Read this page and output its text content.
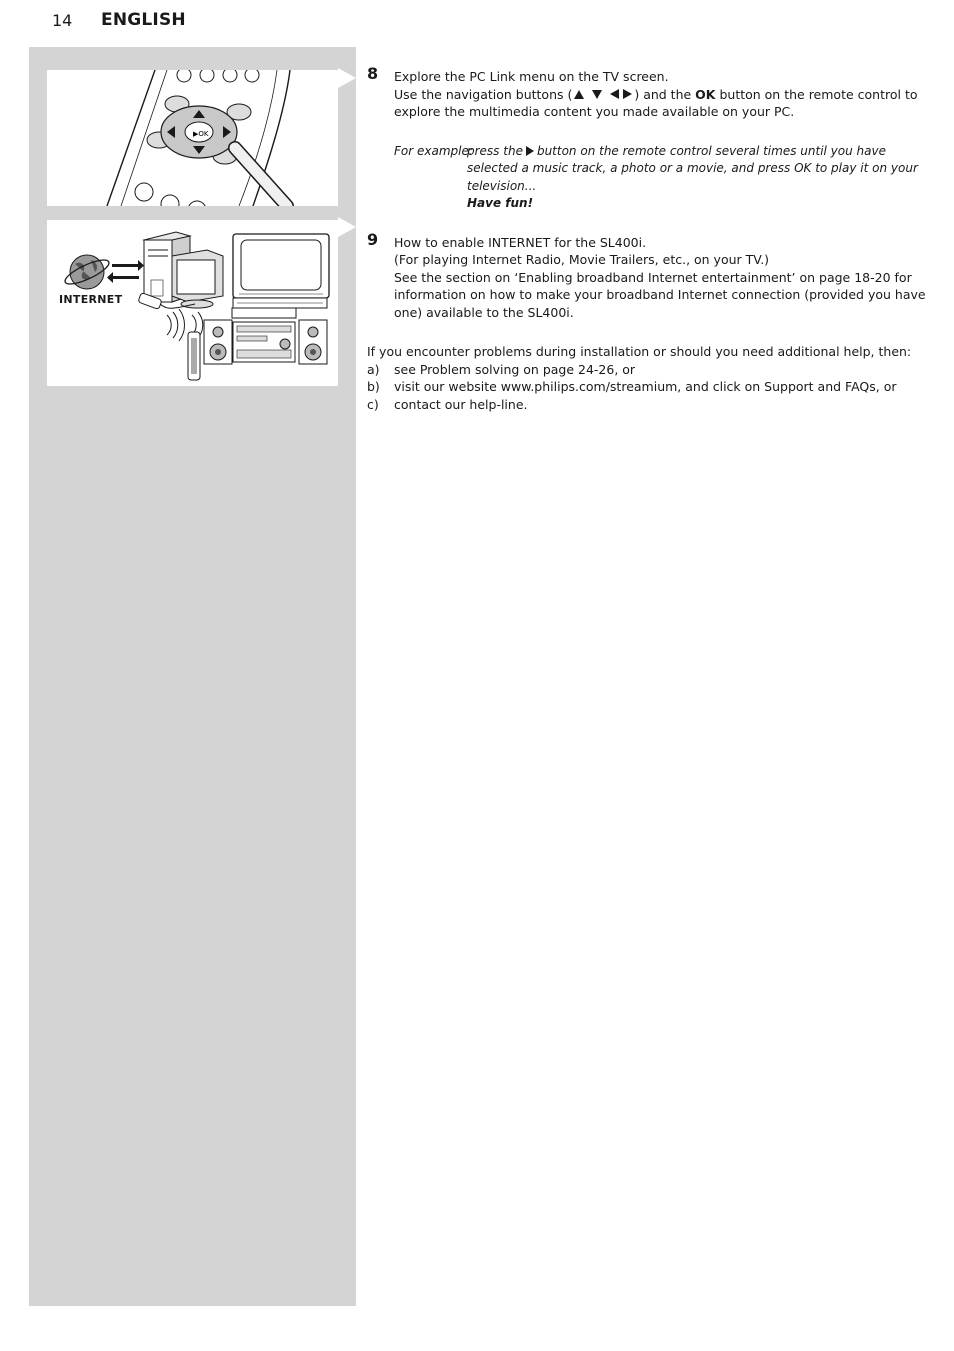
14 ENGLISH
▶OK
INTERNET
8 Explore the PC Link menu on the TV screen.

Use the navigation buttons (	) and the OK button on the remote control to explore the multimedia content you made available on your PC.

For example:
press the button on the remote control several times until you have selected a music track, a photo or a movie, and press OK to play it on your television...
Have fun!
9 How to enable INTERNET for the SL400i.

(For playing Internet Radio, Movie Trailers, etc., on your TV.)

See the section on ‘Enabling broadband Internet entertainment’ on page 18-20 for information on how to make your broadband Internet connection (provided you have one) available to the SL400i.

If you encounter problems during installation or should you need additional help, then:

a) see Problem solving on page 24-26, or
b) visit our website www.philips.com/streamium, and click on Support and FAQs, or
c) contact our help-line.
